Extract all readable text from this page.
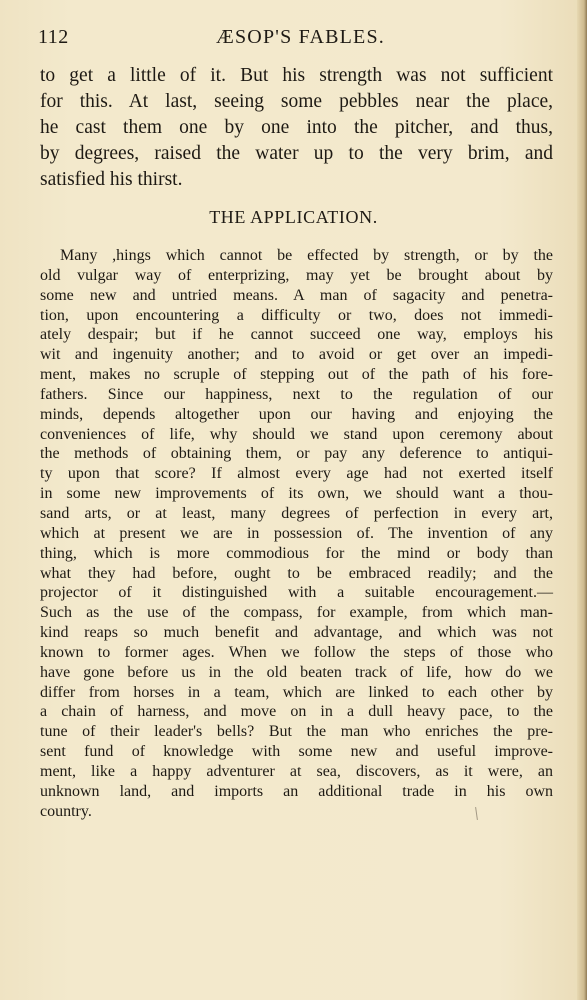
112	ÆSOP'S FABLES.
to get a little of it. But his strength was not sufficient
for this. At last, seeing some pebbles near the place,
he cast them one by one into the pitcher, and thus,
by degrees, raised the water up to the very brim, and
satisfied his thirst.
THE APPLICATION.
Many ,hings which cannot be effected by strength, or by the
old vulgar way of enterprizing, may yet be brought about by
some new and untried means. A man of sagacity and penetra-
tion, upon encountering a difficulty or two, does not immedi-
ately despair; but if he cannot succeed one way, employs his
wit and ingenuity another; and to avoid or get over an impedi-
ment, makes no scruple of stepping out of the path of his fore-
fathers. Since our happiness, next to the regulation of our
minds, depends altogether upon our having and enjoying the
conveniences of life, why should we stand upon ceremony about
the methods of obtaining them, or pay any deference to antiqui-
ty upon that score? If almost every age had not exerted itself
in some new improvements of its own, we should want a thou-
sand arts, or at least, many degrees of perfection in every art,
which at present we are in possession of. The invention of any
thing, which is more commodious for the mind or body than
what they had before, ought to be embraced readily; and the
projector of it distinguished with a suitable encouragement.—
Such as the use of the compass, for example, from which man-
kind reaps so much benefit and advantage, and which was not
known to former ages. When we follow the steps of those who
have gone before us in the old beaten track of life, how do we
differ from horses in a team, which are linked to each other by
a chain of harness, and move on in a dull heavy pace, to the
tune of their leader's bells? But the man who enriches the pre-
sent fund of knowledge with some new and useful improve-
ment, like a happy adventurer at sea, discovers, as it were, an
unknown land, and imports an additional trade in his own
country.
